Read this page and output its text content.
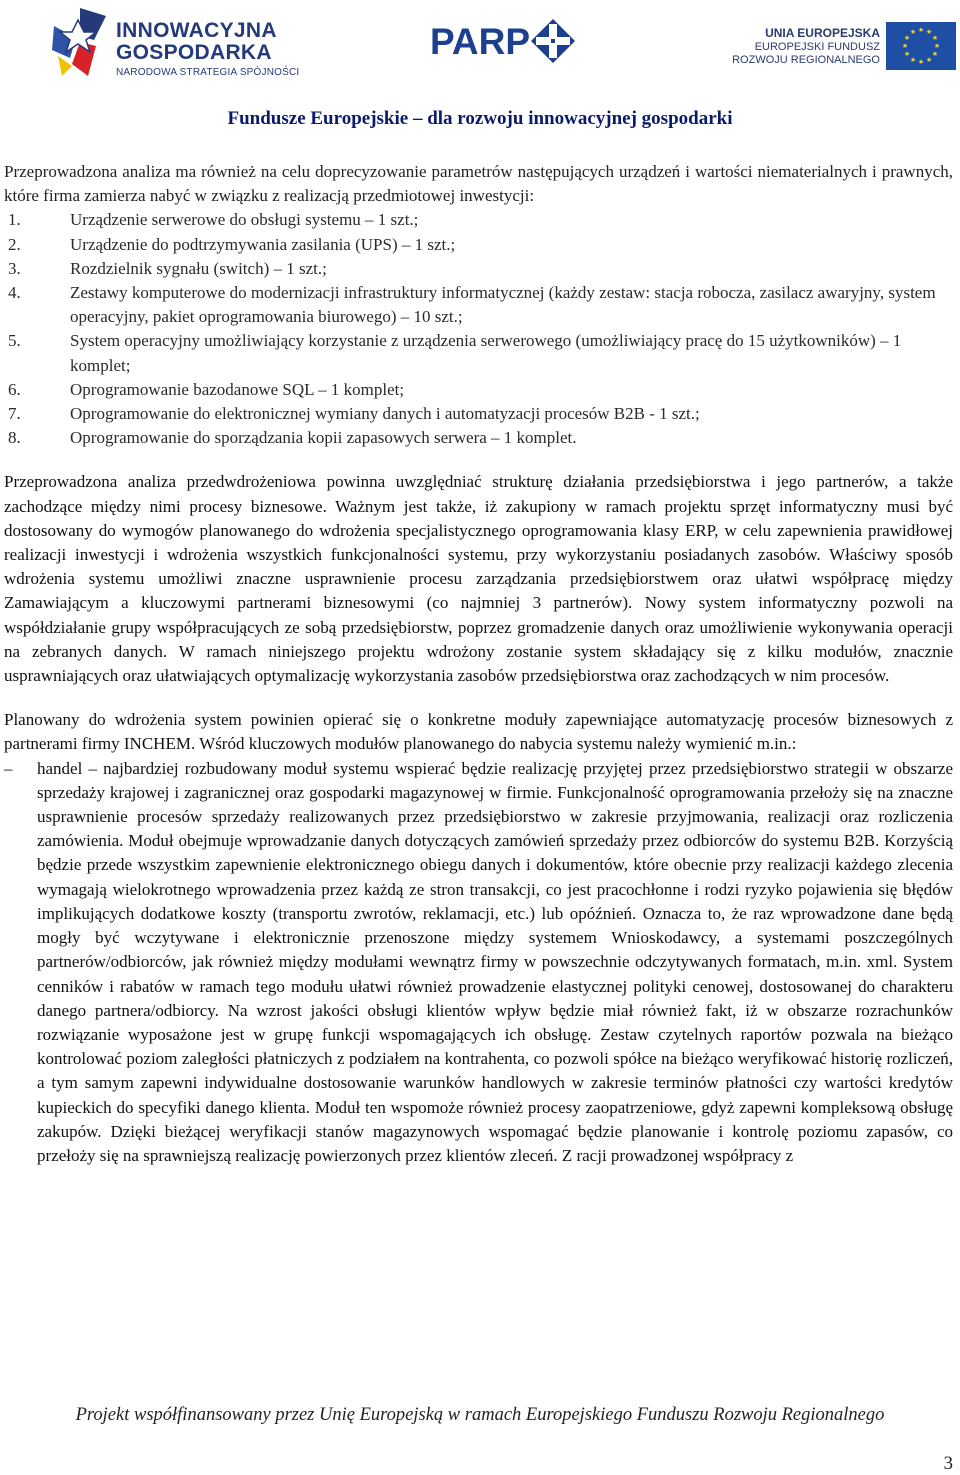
INNOWACYJNA
GOSPODARKA
NARODOWA STRATEGIA SPÓJNOŚCI
PARP	UNIA EUROPEJSKA
EUROPEJSKI FUNDUSZ
ROZWOJU REGIONALNEGO
★ ★
★
★
★
★
★
★
★
★
★
★
Fundusze Europejskie – dla rozwoju innowacyjnej gospodarki

Przeprowadzona analiza ma również na celu doprecyzowanie parametrów następujących urządzeń i wartości niematerialnych i prawnych, które firma zamierza nabyć w związku z realizacją przedmiotowej inwestycji:

1.	Urządzenie serwerowe do obsługi systemu – 1 szt.;
2.	Urządzenie do podtrzymywania zasilania (UPS) – 1 szt.;
3.	Rozdzielnik sygnału (switch) – 1 szt.;
4.	Zestawy komputerowe do modernizacji infrastruktury informatycznej (każdy zestaw: stacja robocza, zasilacz awaryjny, system operacyjny, pakiet oprogramowania biurowego) – 10 szt.;
5.	System operacyjny umożliwiający korzystanie z urządzenia serwerowego (umożliwiający pracę do 15 użytkowników) – 1 komplet;
6.	Oprogramowanie bazodanowe SQL – 1 komplet;
7.	Oprogramowanie do elektronicznej wymiany danych i automatyzacji procesów B2B - 1 szt.;
8.	Oprogramowanie do sporządzania kopii zapasowych serwera – 1 komplet.

Przeprowadzona analiza przedwdrożeniowa powinna uwzględniać strukturę działania przedsiębiorstwa i jego partnerów, a także zachodzące między nimi procesy biznesowe. Ważnym jest także, iż zakupiony w ramach projektu sprzęt informatyczny musi być dostosowany do wymogów planowanego do wdrożenia specjalistycznego oprogramowania klasy ERP, w celu zapewnienia prawidłowej realizacji inwestycji i wdrożenia wszystkich funkcjonalności systemu, przy wykorzystaniu posiadanych zasobów. Właściwy sposób wdrożenia systemu umożliwi znaczne usprawnienie procesu zarządzania przedsiębiorstwem oraz ułatwi współpracę między Zamawiającym a kluczowymi partnerami biznesowymi (co najmniej 3 partnerów). Nowy system informatyczny pozwoli na współdziałanie grupy współpracujących ze sobą przedsiębiorstw, poprzez gromadzenie danych oraz umożliwienie wykonywania operacji na zebranych danych. W ramach niniejszego projektu wdrożony zostanie system składający się z kilku modułów, znacznie usprawniających oraz ułatwiających optymalizację wykorzystania zasobów przedsiębiorstwa oraz zachodzących w nim procesów.

Planowany do wdrożenia system powinien opierać się o konkretne moduły zapewniające automatyzację procesów biznesowych z partnerami firmy INCHEM. Wśród kluczowych modułów planowanego do nabycia systemu należy wymienić m.in.:

– handel – najbardziej rozbudowany moduł systemu wspierać będzie realizację przyjętej przez przedsiębiorstwo strategii w obszarze sprzedaży krajowej i zagranicznej oraz gospodarki magazynowej w firmie. Funkcjonalność oprogramowania przełoży się na znaczne usprawnienie procesów sprzedaży realizowanych przez przedsiębiorstwo w zakresie przyjmowania, realizacji oraz rozliczenia zamówienia. Moduł obejmuje wprowadzanie danych dotyczących zamówień sprzedaży przez odbiorców do systemu B2B. Korzyścią będzie przede wszystkim zapewnienie elektronicznego obiegu danych i dokumentów, które obecnie przy realizacji każdego zlecenia wymagają wielokrotnego wprowadzenia przez każdą ze stron transakcji, co jest pracochłonne i rodzi ryzyko pojawienia się błędów implikujących dodatkowe koszty (transportu zwrotów, reklamacji, etc.) lub opóźnień. Oznacza to, że raz wprowadzone dane będą mogły być wczytywane i elektronicznie przenoszone między systemem Wnioskodawcy, a systemami poszczególnych partnerów/odbiorców, jak również między modułami wewnątrz firmy w powszechnie odczytywanych formatach, m.in. xml. System cenników i rabatów w ramach tego modułu ułatwi również prowadzenie elastycznej polityki cenowej, dostosowanej do charakteru danego partnera/odbiorcy. Na wzrost jakości obsługi klientów wpływ będzie miał również fakt, iż w obszarze rozrachunków rozwiązanie wyposażone jest w grupę funkcji wspomagających ich obsługę. Zestaw czytelnych raportów pozwala na bieżąco kontrolować poziom zaległości płatniczych z podziałem na kontrahenta, co pozwoli spółce na bieżąco weryfikować historię rozliczeń, a tym samym zapewni indywidualne dostosowanie warunków handlowych w zakresie terminów płatności czy wartości kredytów kupieckich do specyfiki danego klienta. Moduł ten wspomoże również procesy zaopatrzeniowe, gdyż zapewni kompleksową obsługę zakupów. Dzięki bieżącej weryfikacji stanów magazynowych wspomagać będzie planowanie i kontrolę poziomu zapasów, co przełoży się na sprawniejszą realizację powierzonych przez klientów zleceń. Z racji prowadzonej współpracy z

Projekt współfinansowany przez Unię Europejską w ramach Europejskiego Funduszu Rozwoju Regionalnego
3
